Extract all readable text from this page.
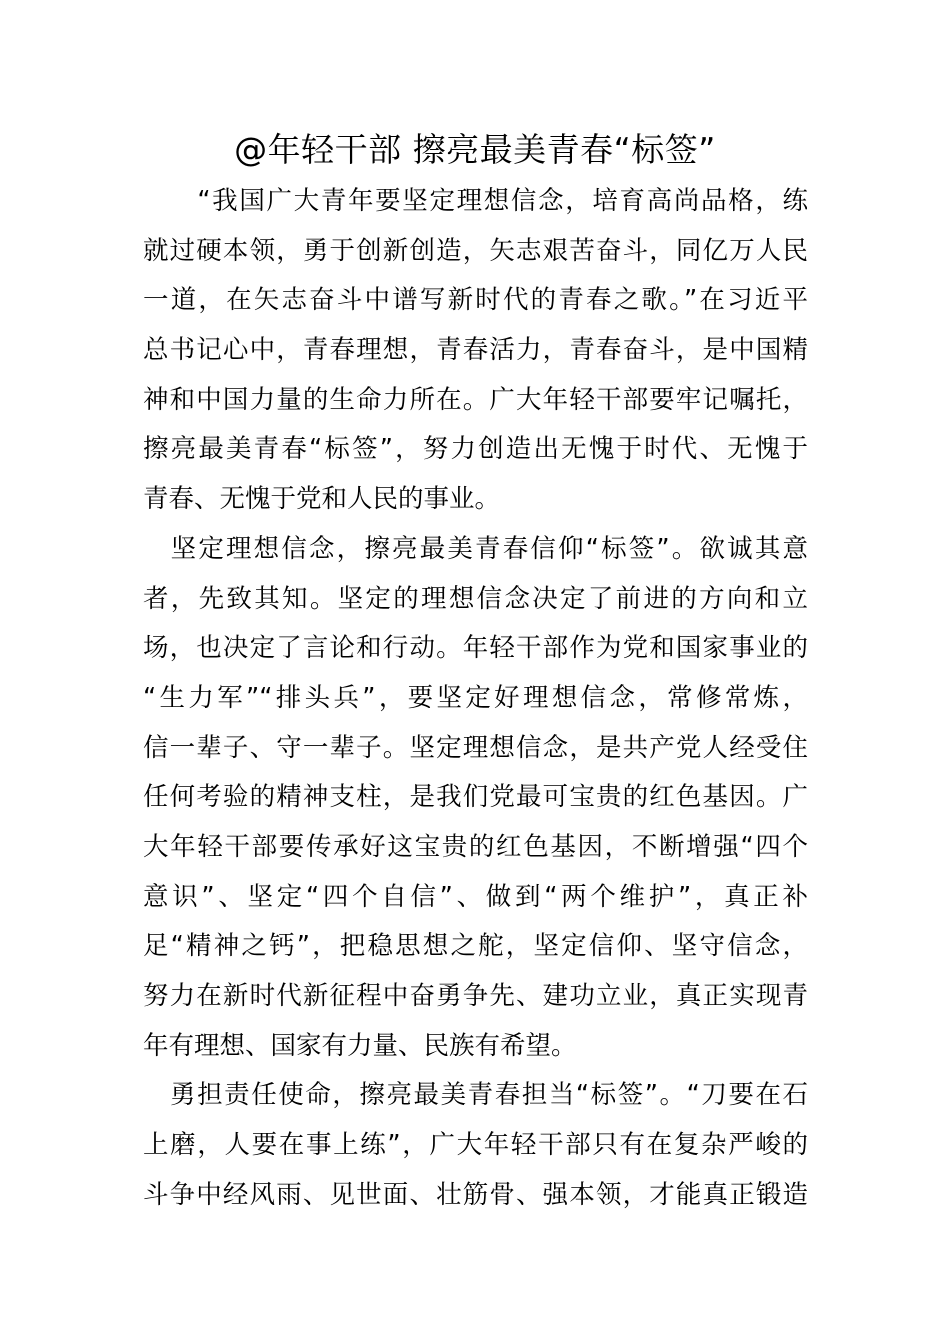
@年轻干部 擦亮最美青春“标签”
　　“我国广大青年要坚定理想信念，培育高尚品格，练
就过硬本领，勇于创新创造，矢志艰苦奋斗，同亿万人民
一道，在矢志奋斗中谱写新时代的青春之歌。”在习近平
总书记心中，青春理想，青春活力，青春奋斗，是中国精
神和中国力量的生命力所在。广大年轻干部要牢记嘱托，
擦亮最美青春“标签”，努力创造出无愧于时代、无愧于
青春、无愧于党和人民的事业。
　坚定理想信念，擦亮最美青春信仰“标签”。欲诚其意
者，先致其知。坚定的理想信念决定了前进的方向和立
场，也决定了言论和行动。年轻干部作为党和国家事业的
“生力军”“排头兵”，要坚定好理想信念，常修常炼，
信一辈子、守一辈子。坚定理想信念，是共产党人经受住
任何考验的精神支柱，是我们党最可宝贵的红色基因。广
大年轻干部要传承好这宝贵的红色基因，不断增强“四个
意识”、坚定“四个自信”、做到“两个维护”，真正补
足“精神之钙”，把稳思想之舵，坚定信仰、坚守信念，
努力在新时代新征程中奋勇争先、建功立业，真正实现青
年有理想、国家有力量、民族有希望。
　勇担责任使命，擦亮最美青春担当“标签”。“刀要在石
上磨，人要在事上练”，广大年轻干部只有在复杂严峻的
斗争中经风雨、见世面、壮筋骨、强本领，才能真正锻造
